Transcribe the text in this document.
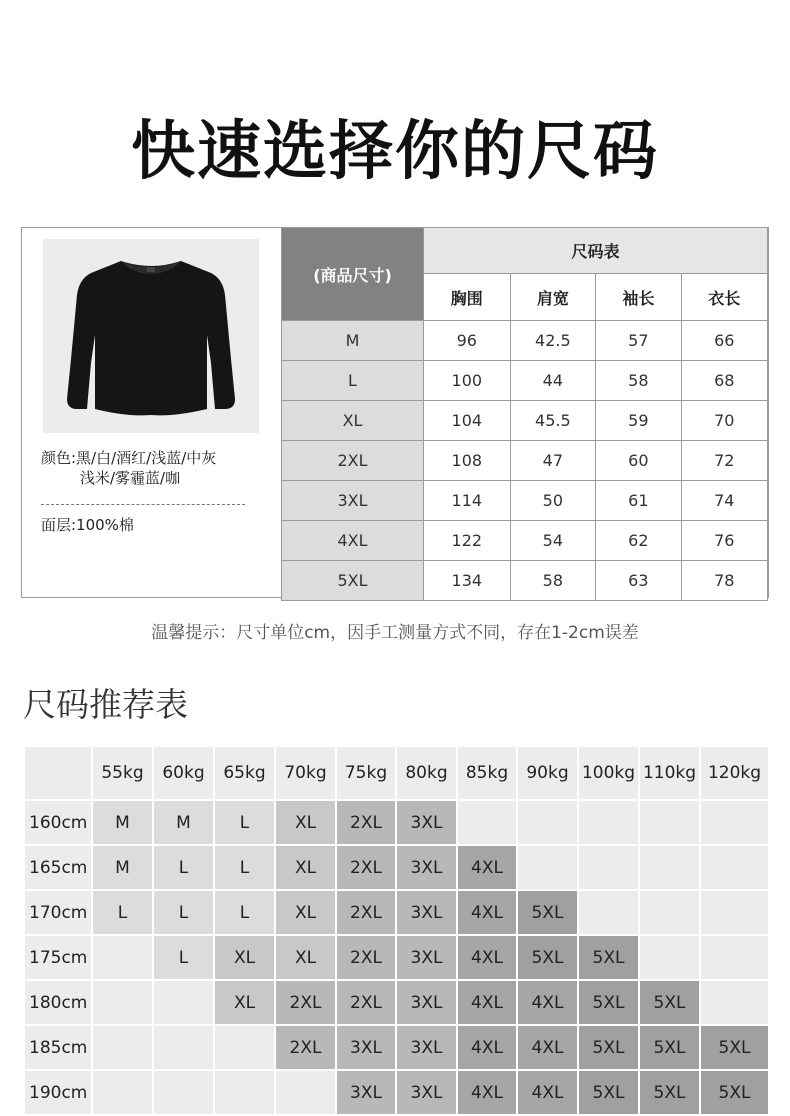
快速选择你的尺码
颜色:黑/白/酒红/浅蓝/中灰
浅米/雾霾蓝/咖
面层:100%棉
(商品尺寸)	尺码表			
	胸围	肩宽	袖长	衣长
M	96	42.5	57	66
L	100	44	58	68
XL	104	45.5	59	70
2XL	108	47	60	72
3XL	114	50	61	74
4XL	122	54	62	76
5XL	134	58	63	78
温馨提示：尺寸单位cm，因手工测量方式不同，存在1-2cm误差
尺码推荐表
	55kg	60kg	65kg	70kg	75kg	80kg	85kg	90kg	100kg	110kg	120kg
160cm	M	M	L	XL	2XL	3XL					
165cm	M	L	L	XL	2XL	3XL	4XL				
170cm	L	L	L	XL	2XL	3XL	4XL	5XL			
175cm		L	XL	XL	2XL	3XL	4XL	5XL	5XL		
180cm			XL	2XL	2XL	3XL	4XL	4XL	5XL	5XL	
185cm				2XL	3XL	3XL	4XL	4XL	5XL	5XL	5XL
190cm					3XL	3XL	4XL	4XL	5XL	5XL	5XL
